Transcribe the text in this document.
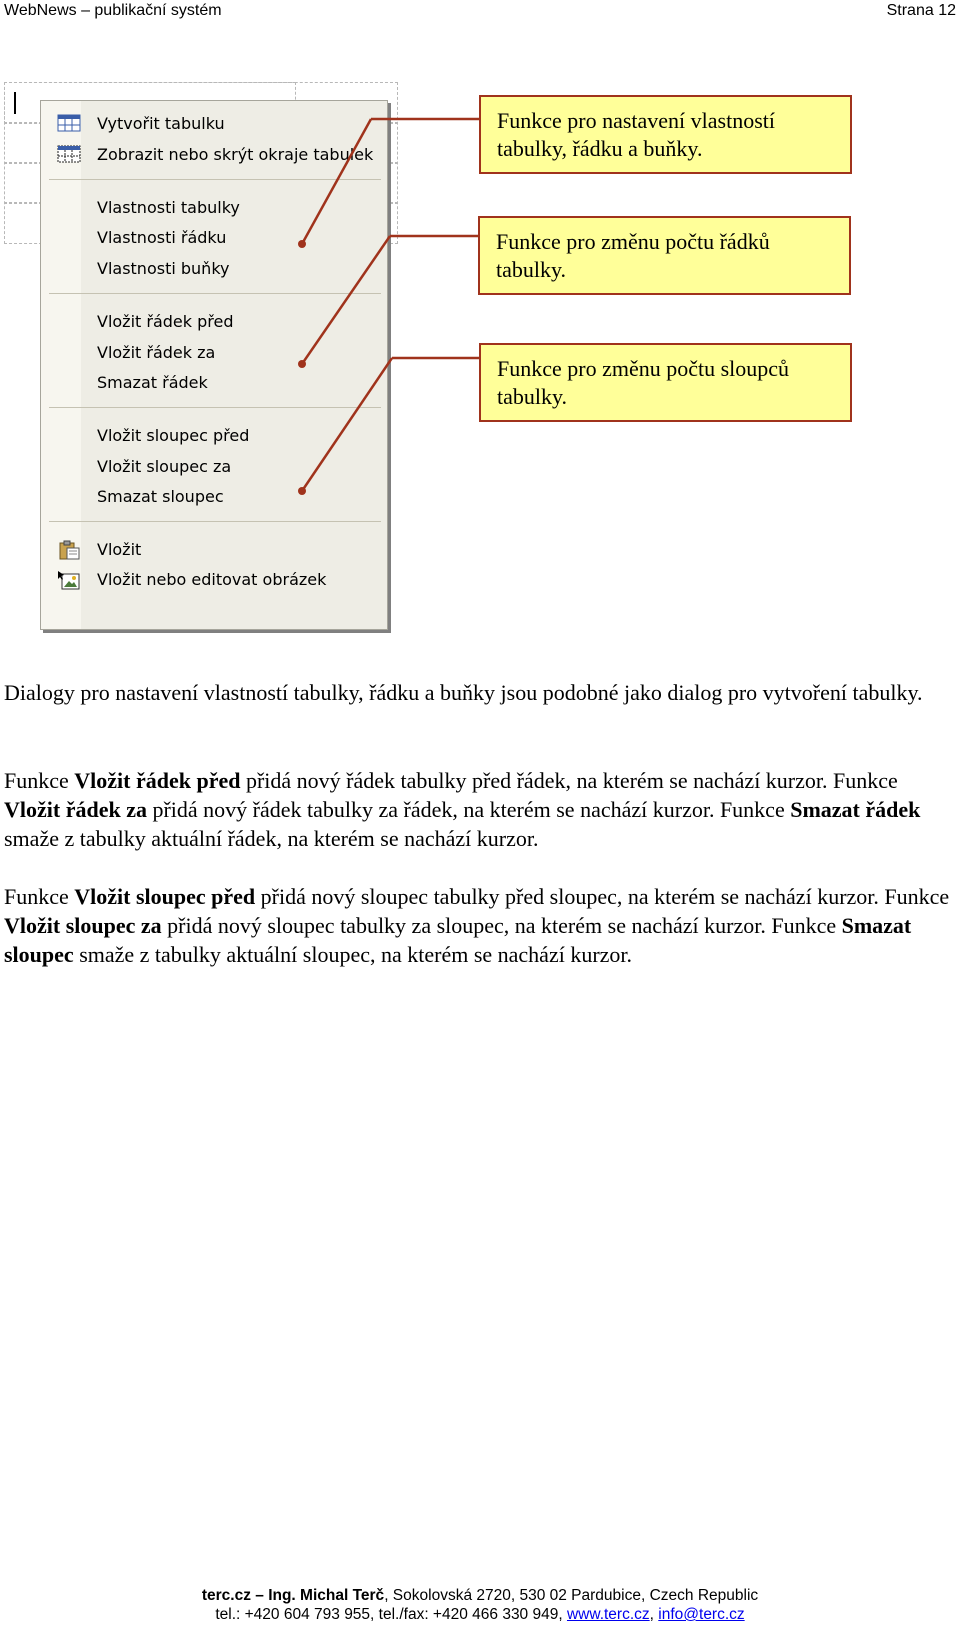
WebNews – publikační systém	Strana 12
Vytvořit tabulku
Zobrazit nebo skrýt okraje tabulek
Vlastnosti tabulky
Vlastnosti řádku
Vlastnosti buňky
Vložit řádek před
Vložit řádek za
Smazat řádek
Vložit sloupec před
Vložit sloupec za
Smazat sloupec
Vložit
Vložit nebo editovat obrázek
Funkce pro nastavení vlastností tabulky, řádku a buňky.
Funkce pro změnu počtu řádků tabulky.
Funkce pro změnu počtu sloupců tabulky.
Dialogy pro nastavení vlastností tabulky, řádku a buňky jsou podobné jako dialog pro vytvoření tabulky.
Funkce Vložit řádek před přidá nový řádek tabulky před řádek, na kterém se nachází kurzor. Funkce Vložit řádek za přidá nový řádek tabulky za řádek, na kterém se nachází kurzor. Funkce Smazat řádek smaže z tabulky aktuální řádek, na kterém se nachází kurzor.
Funkce Vložit sloupec před přidá nový sloupec tabulky před sloupec, na kterém se nachází kurzor. Funkce Vložit sloupec za přidá nový sloupec tabulky za sloupec, na kterém se nachází kurzor. Funkce Smazat sloupec smaže z tabulky aktuální sloupec, na kterém se nachází kurzor.
terc.cz – Ing. Michal Terč, Sokolovská 2720, 530 02 Pardubice, Czech Republic
tel.: +420 604 793 955, tel./fax: +420 466 330 949, www.terc.cz, info@terc.cz
